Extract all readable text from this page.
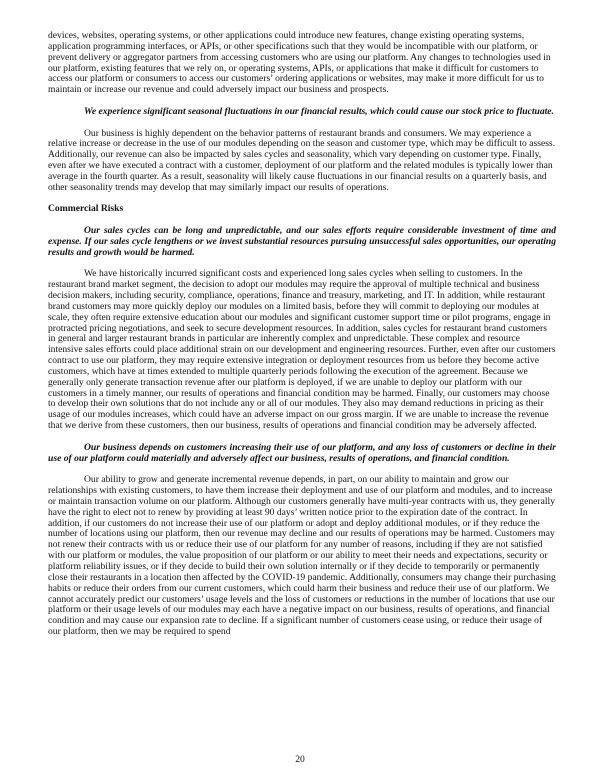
devices, websites, operating systems, or other applications could introduce new features, change existing operating systems, application programming interfaces, or APIs, or other specifications such that they would be incompatible with our platform, or prevent delivery or aggregator partners from accessing customers who are using our platform. Any changes to technologies used in our platform, existing features that we rely on, or operating systems, APIs, or applications that make it difficult for customers to access our platform or consumers to access our customers’ ordering applications or websites, may make it more difficult for us to maintain or increase our revenue and could adversely impact our business and prospects.

We experience significant seasonal fluctuations in our financial results, which could cause our stock price to fluctuate.

Our business is highly dependent on the behavior patterns of restaurant brands and consumers. We may experience a relative increase or decrease in the use of our modules depending on the season and customer type, which may be difficult to assess. Additionally, our revenue can also be impacted by sales cycles and seasonality, which vary depending on customer type. Finally, even after we have executed a contract with a customer, deployment of our platform and the related modules is typically lower than average in the fourth quarter. As a result, seasonality will likely cause fluctuations in our financial results on a quarterly basis, and other seasonality trends may develop that may similarly impact our results of operations.

Commercial Risks

Our sales cycles can be long and unpredictable, and our sales efforts require considerable investment of time and expense. If our sales cycle lengthens or we invest substantial resources pursuing unsuccessful sales opportunities, our operating results and growth would be harmed.

We have historically incurred significant costs and experienced long sales cycles when selling to customers. In the restaurant brand market segment, the decision to adopt our modules may require the approval of multiple technical and business decision makers, including security, compliance, operations, finance and treasury, marketing, and IT. In addition, while restaurant brand customers may more quickly deploy our modules on a limited basis, before they will commit to deploying our modules at scale, they often require extensive education about our modules and significant customer support time or pilot programs, engage in protracted pricing negotiations, and seek to secure development resources. In addition, sales cycles for restaurant brand customers in general and larger restaurant brands in particular are inherently complex and unpredictable. These complex and resource intensive sales efforts could place additional strain on our development and engineering resources. Further, even after our customers contract to use our platform, they may require extensive integration or deployment resources from us before they become active customers, which have at times extended to multiple quarterly periods following the execution of the agreement. Because we generally only generate transaction revenue after our platform is deployed, if we are unable to deploy our platform with our customers in a timely manner, our results of operations and financial condition may be harmed. Finally, our customers may choose to develop their own solutions that do not include any or all of our modules. They also may demand reductions in pricing as their usage of our modules increases, which could have an adverse impact on our gross margin. If we are unable to increase the revenue that we derive from these customers, then our business, results of operations and financial condition may be adversely affected.

Our business depends on customers increasing their use of our platform, and any loss of customers or decline in their use of our platform could materially and adversely affect our business, results of operations, and financial condition.

Our ability to grow and generate incremental revenue depends, in part, on our ability to maintain and grow our relationships with existing customers, to have them increase their deployment and use of our platform and modules, and to increase or maintain transaction volume on our platform. Although our customers generally have multi-year contracts with us, they generally have the right to elect not to renew by providing at least 90 days’ written notice prior to the expiration date of the contract. In addition, if our customers do not increase their use of our platform or adopt and deploy additional modules, or if they reduce the number of locations using our platform, then our revenue may decline and our results of operations may be harmed. Customers may not renew their contracts with us or reduce their use of our platform for any number of reasons, including if they are not satisfied with our platform or modules, the value proposition of our platform or our ability to meet their needs and expectations, security or platform reliability issues, or if they decide to build their own solution internally or if they decide to temporarily or permanently close their restaurants in a location then affected by the COVID-19 pandemic. Additionally, consumers may change their purchasing habits or reduce their orders from our current customers, which could harm their business and reduce their use of our platform. We cannot accurately predict our customers’ usage levels and the loss of customers or reductions in the number of locations that use our platform or their usage levels of our modules may each have a negative impact on our business, results of operations, and financial condition and may cause our expansion rate to decline. If a significant number of customers cease using, or reduce their usage of our platform, then we may be required to spend

20
